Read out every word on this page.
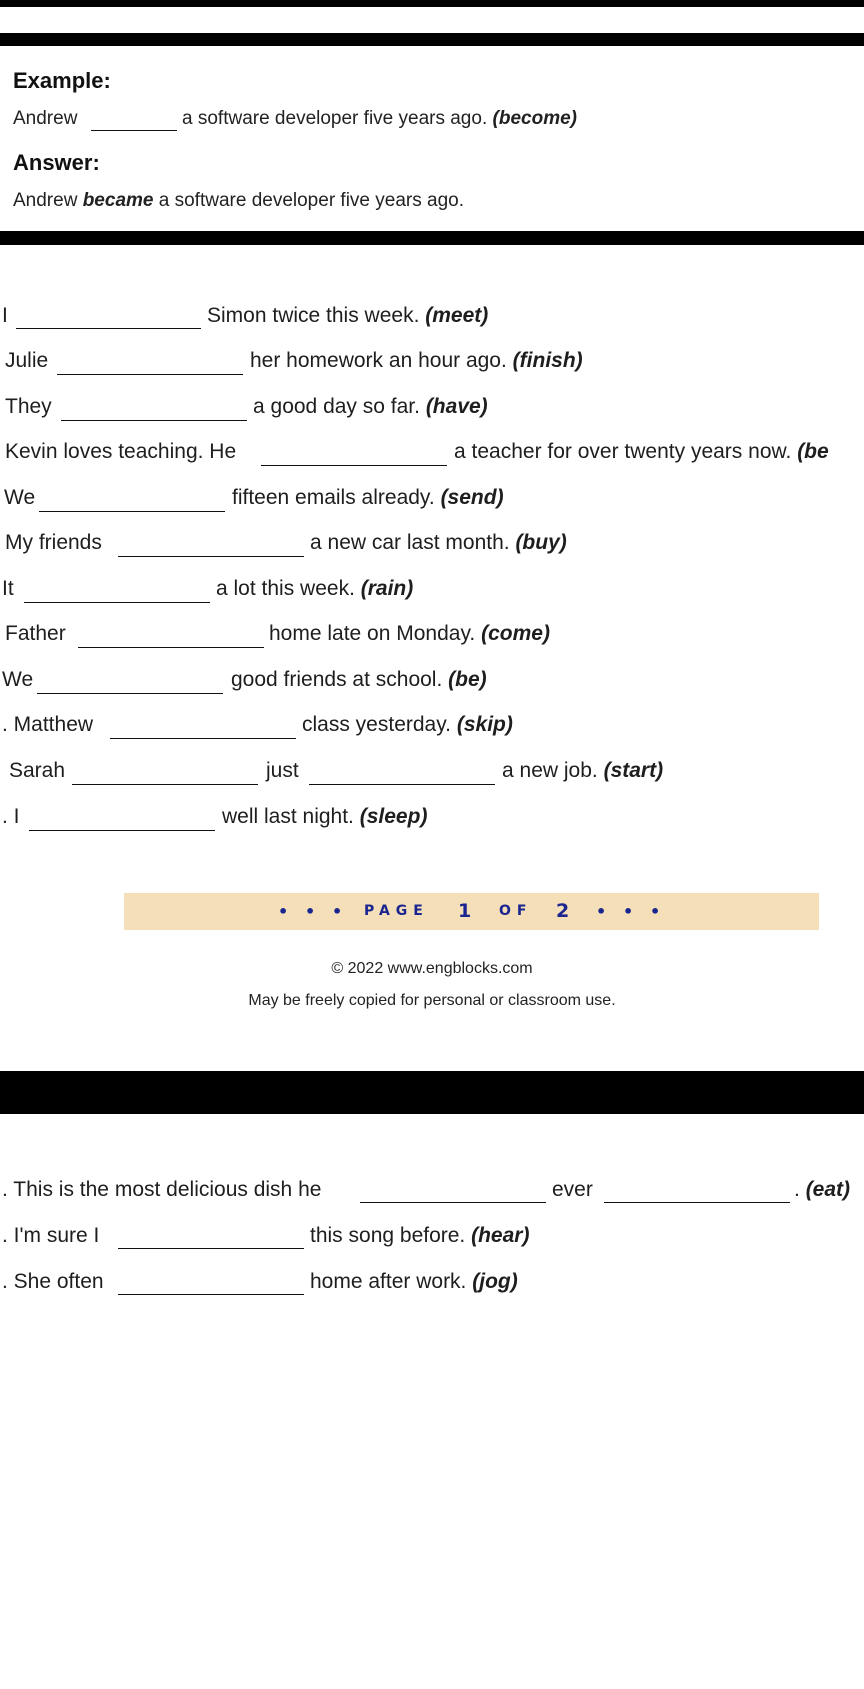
Example:
Andrew	a software developer five years ago. (become)
Answer:
Andrew became a software developer five years ago.
I	Simon twice this week. (meet)
Julie	her homework an hour ago. (finish)
They	a good day so far. (have)
Kevin loves teaching. He	a teacher for over twenty years now. (be
We	fifteen emails already. (send)
My friends	a new car last month. (buy)
It	a lot this week. (rain)
Father	home late on Monday. (come)
We	good friends at school. (be)
. Matthew	class yesterday. (skip)
Sarah	just	a new job. (start)
. I	well last night. (sleep)
• • • PAGE 1 OF 2 • • •
© 2022 www.engblocks.com
May be freely copied for personal or classroom use.
. This is the most delicious dish he	ever	. (eat)
. I'm sure I	this song before. (hear)
. She often	home after work. (jog)
